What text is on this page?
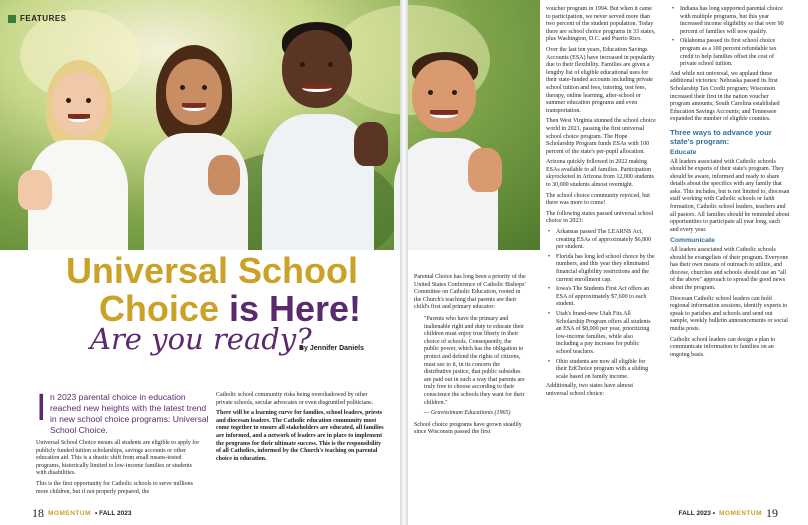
FEATURES
Universal School
Choice is Here!
Are you ready?
By Jennifer Daniels
I n 2023 parental choice in education reached new heights with the latest trend in new school choice programs: Universal School Choice.

Universal School Choice means all students are eligible to apply for publicly funded tuition scholarships, savings accounts or other education aid. This is a drastic shift from small means-tested programs, historically limited to low-income families or students with disabilities.

This is the first opportunity for Catholic schools to serve millions more children, but if not properly prepared, the

Catholic school community risks being overshadowed by other private schools, secular advocates or even disgruntled politicians.

There will be a learning curve for families, school leaders, priests and diocesan leaders. The Catholic education community must come together to ensure all stakeholders are educated, all families are informed, and a network of leaders are in place to implement the programs for their ultimate success. This is the responsibility of all Catholics, informed by the Church's teaching on parental choice in education.

Parental Choice has long been a priority of the United States Conference of Catholic Bishops' Committee on Catholic Education, rooted in the Church's teaching that parents are their child's first and primary educator:

"Parents who have the primary and inalienable right and duty to educate their children must enjoy true liberty in their choice of schools. Consequently, the public power, which has the obligation to protect and defend the rights of citizens, must see to it, in its concern the distributive justice, that public subsidies are paid out in such a way that parents are truly free to choose according to their conscience the schools they want for their children."

— Gravissimum Educationis (1965)

School choice programs have grown steadily since Wisconsin passed the first

voucher program in 1994. But when it came to participation, we never served more than two percent of the student population. Today there are school choice programs in 33 states, plus Washington, D.C. and Puerto Rico.

Over the last ten years, Education Savings Accounts (ESA) have increased in popularity due to their flexibility. Families are given a lengthy list of eligible educational uses for their state-funded accounts including private school tuition and fees, tutoring, test fees, therapy, online learning, after-school or summer education programs and even transportation.

Then West Virginia stunned the school choice world in 2021, passing the first universal school choice program. The Hope Scholarship Program funds ESAs with 100 percent of the state's per-pupil allocation.

Arizona quickly followed in 2022 making ESAs available to all families. Participation skyrocketed in Arizona from 12,000 students to 30,000 students almost overnight.

The school choice community rejoiced, but there was more to come!

The following states passed universal school choice in 2023:

• Arkansas passed The LEARNS Act, creating ESAs of approximately $6,800 per student.
• Florida has long led school choice by the numbers, and this year they eliminated financial eligibility restrictions and the current enrollment cap.
• Iowa's The Students First Act offers an ESA of approximately $7,600 to each student.
• Utah's brand-new Utah Fits All Scholarship Program offers all students an ESA of $8,000 per year, prioritizing low-income families, while also including a pay increase for public school teachers.
• Ohio students are now all eligible for their EdChoice program with a sliding scale based on family income.

Additionally, two states have almost universal school choice:

• Indiana has long supported parental choice with multiple programs, but this year increased income eligibility so that over 90 percent of families will now qualify.
• Oklahoma passed its first school choice program as a 100 percent refundable tax credit to help families offset the cost of private school tuition.

And while not universal, we applaud these additional victories: Nebraska passed its first Scholarship Tax Credit program; Wisconsin increased their first in the nation voucher program amounts; South Carolina established Education Savings Accounts; and Tennessee expanded the number of eligible counties.

Three ways to advance your state's program:
Educate

All leaders associated with Catholic schools should be experts of their state's program. They should be aware, informed and ready to share details about the specifics with any family that asks. This includes, but is not limited to, diocesan staff working with Catholic schools or faith formation, Catholic school leaders, teachers and all pastors. All families should be reminded about opportunities to participate all year long, each and every year.

Communicate

All leaders associated with Catholic schools should be evangelists of their program. Everyone has their own means of outreach to utilize, and diocese, churches and schools should use an "all of the above" approach to spread the good news about the program.

Diocesan Catholic school leaders can hold regional information sessions, identify experts to speak to parishes and schools and send out sample, weekly bulletin announcements or social media posts.

Catholic school leaders can design a plan to communicate information to families on an ongoing basis.

18 MOMENTUM • FALL 2023	FALL 2023 • MOMENTUM 19
